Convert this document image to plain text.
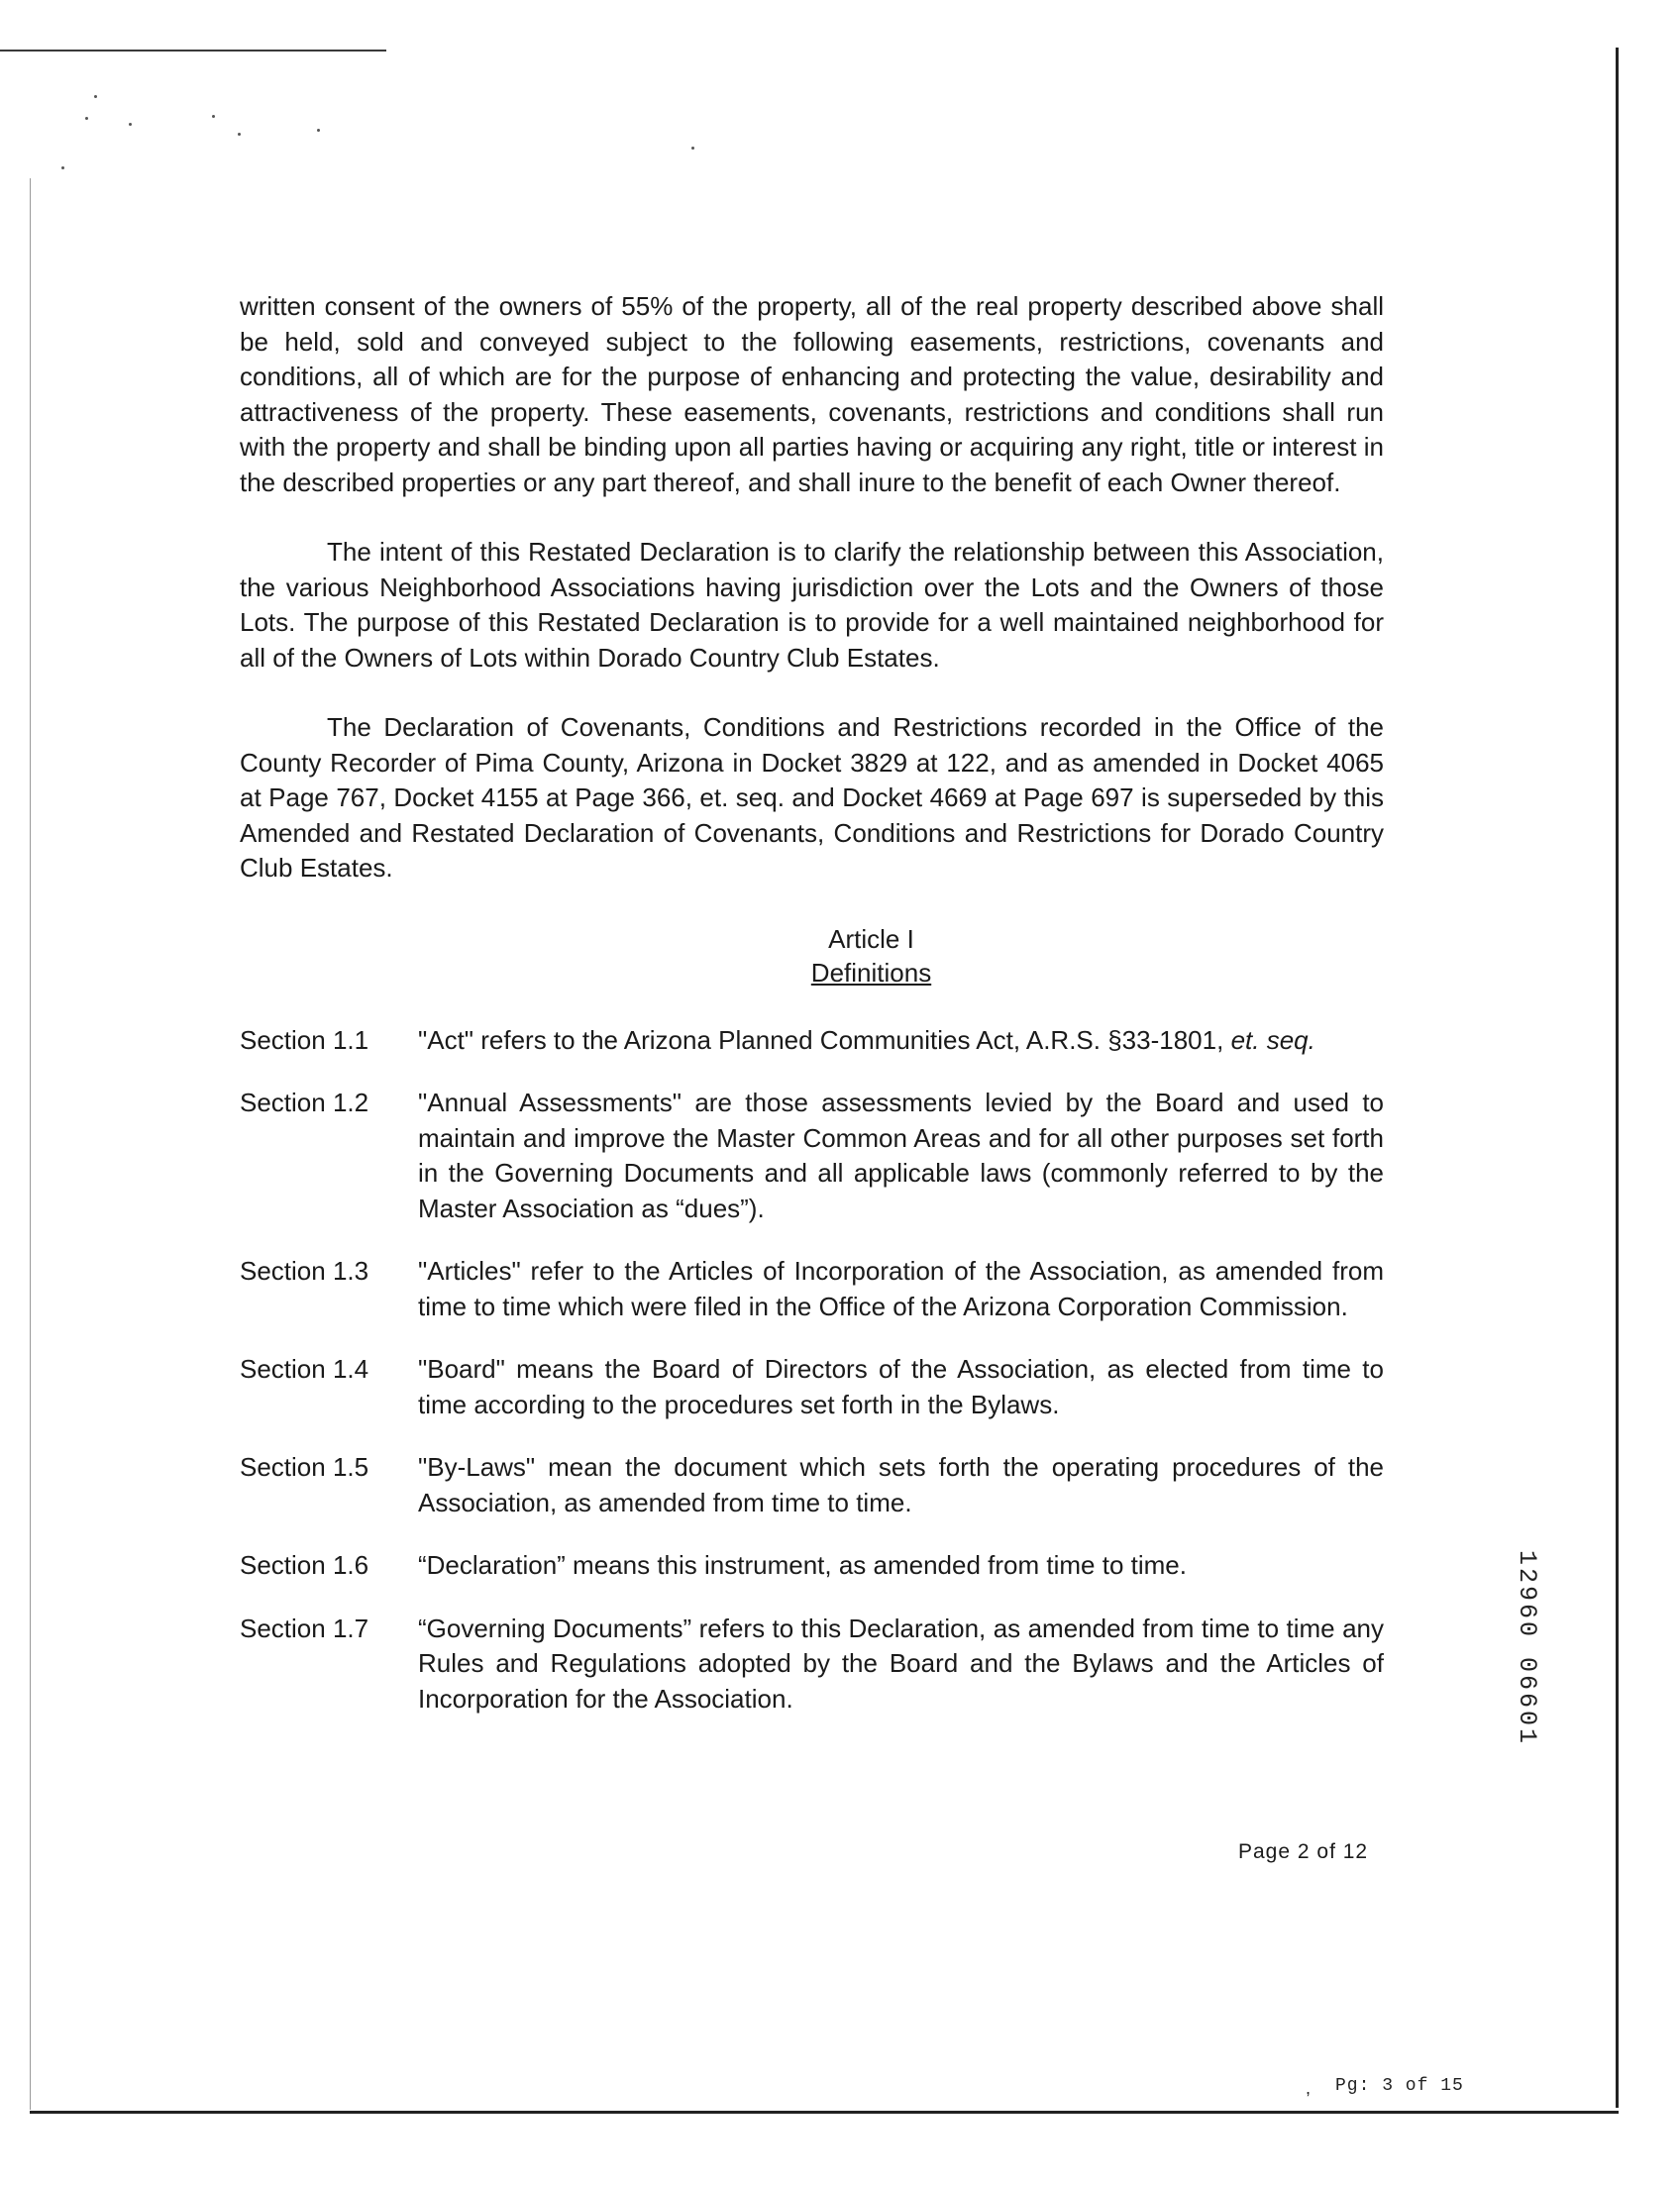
written consent of the owners of 55% of the property, all of the real property described above shall be held, sold and conveyed subject to the following easements, restrictions, covenants and conditions, all of which are for the purpose of enhancing and protecting the value, desirability and attractiveness of the property. These easements, covenants, restrictions and conditions shall run with the property and shall be binding upon all parties having or acquiring any right, title or interest in the described properties or any part thereof, and shall inure to the benefit of each Owner thereof.

The intent of this Restated Declaration is to clarify the relationship between this Association, the various Neighborhood Associations having jurisdiction over the Lots and the Owners of those Lots. The purpose of this Restated Declaration is to provide for a well maintained neighborhood for all of the Owners of Lots within Dorado Country Club Estates.

The Declaration of Covenants, Conditions and Restrictions recorded in the Office of the County Recorder of Pima County, Arizona in Docket 3829 at 122, and as amended in Docket 4065 at Page 767, Docket 4155 at Page 366, et. seq. and Docket 4669 at Page 697 is superseded by this Amended and Restated Declaration of Covenants, Conditions and Restrictions for Dorado Country Club Estates.

Article I
Definitions
Section 1.1	"Act" refers to the Arizona Planned Communities Act, A.R.S. §33-1801, et. seq.
Section 1.2	"Annual Assessments" are those assessments levied by the Board and used to maintain and improve the Master Common Areas and for all other purposes set forth in the Governing Documents and all applicable laws (commonly referred to by the Master Association as “dues”).
Section 1.3	"Articles" refer to the Articles of Incorporation of the Association, as amended from time to time which were filed in the Office of the Arizona Corporation Commission.
Section 1.4	"Board" means the Board of Directors of the Association, as elected from time to time according to the procedures set forth in the Bylaws.
Section 1.5	"By-Laws" mean the document which sets forth the operating procedures of the Association, as amended from time to time.
Section 1.6	“Declaration” means this instrument, as amended from time to time.
Section 1.7	“Governing Documents” refers to this Declaration, as amended from time to time any Rules and Regulations adopted by the Board and the Bylaws and the Articles of Incorporation for the Association.
Page 2 of 12
12960 06601
, Pg: 3 of 15
